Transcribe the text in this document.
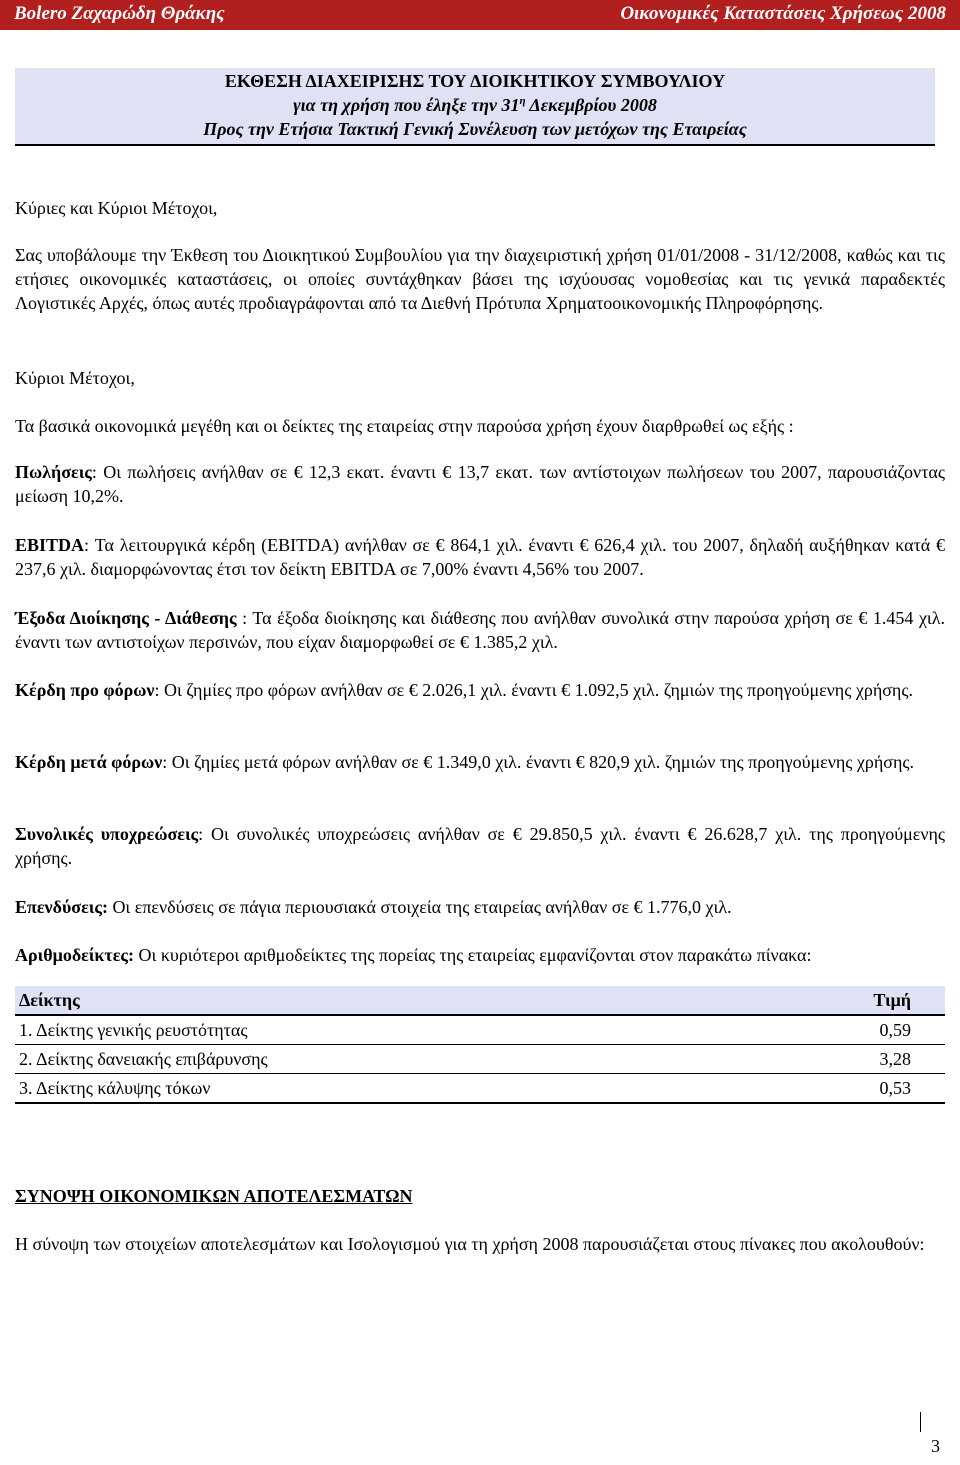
Bolero Ζαχαρώδη Θράκης	Οικονομικές Καταστάσεις Χρήσεως 2008
ΕΚΘΕΣΗ ΔΙΑΧΕΙΡΙΣΗΣ ΤΟΥ ΔΙΟΙΚΗΤΙΚΟΥ ΣΥΜΒΟΥΛΙΟΥ
για τη χρήση που έληξε την $31^\eta$ Δεκεμβρίου 2008
Προς την Ετήσια Τακτική Γενική Συνέλευση των μετόχων της Εταιρείας
Κύριες και Κύριοι Μέτοχοι,
Σας υποβάλουμε την Έκθεση του Διοικητικού Συμβουλίου για την διαχειριστική χρήση 01/01/2008 - 31/12/2008, καθώς και τις ετήσιες οικονομικές καταστάσεις, οι οποίες συντάχθηκαν βάσει της ισχύουσας νομοθεσίας και τις γενικά παραδεκτές Λογιστικές Αρχές, όπως αυτές προδιαγράφονται από τα Διεθνή Πρότυπα Χρηματοοικονομικής Πληροφόρησης.
Κύριοι Μέτοχοι,
Τα βασικά οικονομικά μεγέθη και οι δείκτες της εταιρείας στην παρούσα χρήση έχουν διαρθρωθεί ως εξής :
Πωλήσεις: Οι πωλήσεις ανήλθαν σε € 12,3 εκατ. έναντι € 13,7 εκατ. των αντίστοιχων πωλήσεων του 2007, παρουσιάζοντας μείωση 10,2%.
EBITDA: Τα λειτουργικά κέρδη (EBITDA) ανήλθαν σε € 864,1 χιλ. έναντι € 626,4 χιλ. του 2007, δηλαδή αυξήθηκαν κατά € 237,6 χιλ. διαμορφώνοντας έτσι τον δείκτη EBITDA σε 7,00% έναντι 4,56% του 2007.
Έξοδα Διοίκησης - Διάθεσης : Τα έξοδα διοίκησης και διάθεσης που ανήλθαν συνολικά στην παρούσα χρήση σε € 1.454 χιλ. έναντι των αντιστοίχων περσινών, που είχαν διαμορφωθεί σε € 1.385,2 χιλ.
Κέρδη προ φόρων: Οι ζημίες προ φόρων ανήλθαν σε € 2.026,1 χιλ. έναντι € 1.092,5 χιλ. ζημιών της προηγούμενης χρήσης.
Κέρδη μετά φόρων: Οι ζημίες μετά φόρων ανήλθαν σε € 1.349,0 χιλ. έναντι € 820,9 χιλ. ζημιών της προηγούμενης χρήσης.
Συνολικές υποχρεώσεις: Οι συνολικές υποχρεώσεις ανήλθαν σε € 29.850,5 χιλ. έναντι € 26.628,7 χιλ. της προηγούμενης χρήσης.
Επενδύσεις: Οι επενδύσεις σε πάγια περιουσιακά στοιχεία της εταιρείας ανήλθαν σε € 1.776,0 χιλ.
Αριθμοδείκτες: Οι κυριότεροι αριθμοδείκτες της πορείας της εταιρείας εμφανίζονται στον παρακάτω πίνακα:
Δείκτης	Τιμή
1. Δείκτης γενικής ρευστότητας	0,59
2. Δείκτης δανειακής επιβάρυνσης	3,28
3. Δείκτης κάλυψης τόκων	0,53
ΣΥΝΟΨΗ ΟΙΚΟΝΟΜΙΚΩΝ ΑΠΟΤΕΛΕΣΜΑΤΩΝ
Η σύνοψη των στοιχείων αποτελεσμάτων και Ισολογισμού για τη χρήση 2008 παρουσιάζεται στους πίνακες που ακολουθούν:
3
